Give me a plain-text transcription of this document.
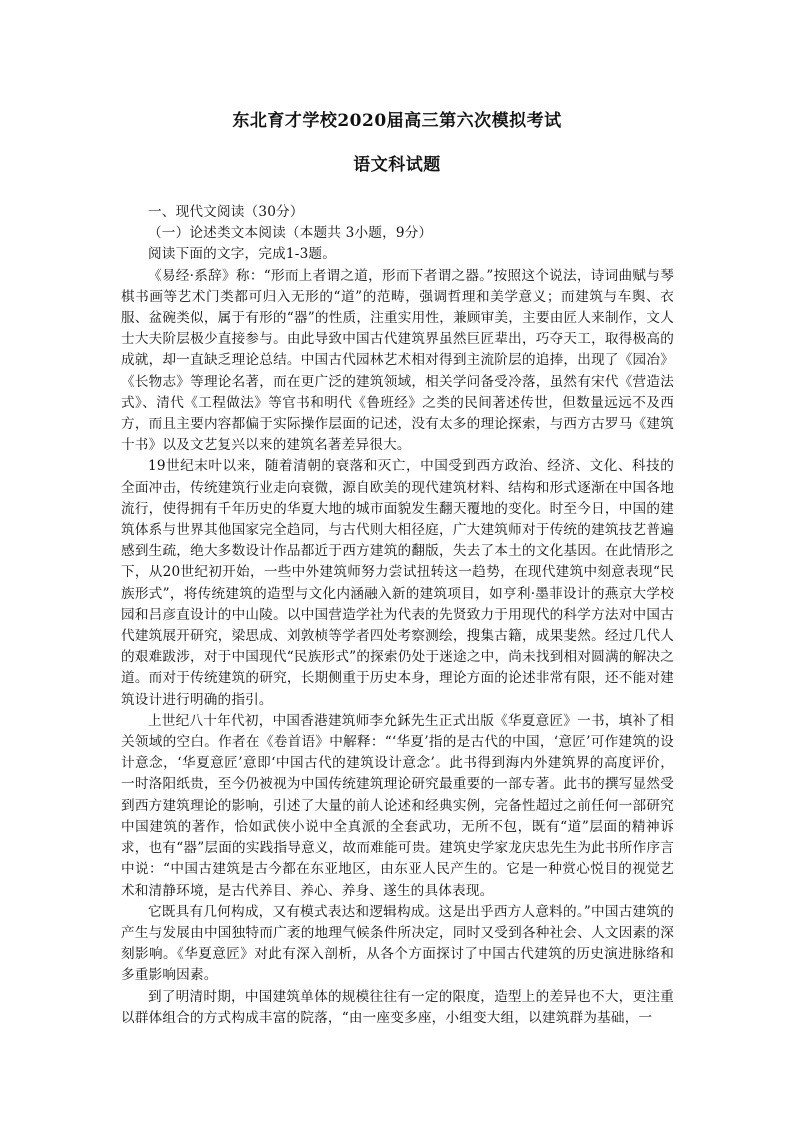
东北育才学校2020届高三第六次模拟考试
语文科试题

一、现代文阅读（30分）

（一）论述类文本阅读（本题共 3小题，9分）

阅读下面的文字，完成1-3题。

《易经·系辞》称：“形而上者谓之道，形而下者谓之器。”按照这个说法，诗词曲赋与琴棋书画等艺术门类都可归入无形的“道”的范畴，强调哲理和美学意义；而建筑与车舆、衣服、盆碗类似，属于有形的“器”的性质，注重实用性，兼顾审美，主要由匠人来制作，文人士大夫阶层极少直接参与。由此导致中国古代建筑界虽然巨匠辈出，巧夺天工，取得极高的成就，却一直缺乏理论总结。中国古代园林艺术相对得到主流阶层的追捧，出现了《园冶》《长物志》等理论名著，而在更广泛的建筑领域，相关学问备受冷落，虽然有宋代《营造法式》、清代《工程做法》等官书和明代《鲁班经》之类的民间著述传世，但数量远远不及西方，而且主要内容都偏于实际操作层面的记述，没有太多的理论探索，与西方古罗马《建筑十书》以及文艺复兴以来的建筑名著差异很大。

19世纪末叶以来，随着清朝的衰落和灭亡，中国受到西方政治、经济、文化、科技的全面冲击，传统建筑行业走向衰微，源自欧美的现代建筑材料、结构和形式逐渐在中国各地流行，使得拥有千年历史的华夏大地的城市面貌发生翻天覆地的变化。时至今日，中国的建筑体系与世界其他国家完全趋同，与古代则大相径庭，广大建筑师对于传统的建筑技艺普遍感到生疏，绝大多数设计作品都近于西方建筑的翻版，失去了本土的文化基因。在此情形之下，从20世纪初开始，一些中外建筑师努力尝试扭转这一趋势，在现代建筑中刻意表现“民族形式”，将传统建筑的造型与文化内涵融入新的建筑项目，如亨利·墨菲设计的燕京大学校园和吕彦直设计的中山陵。以中国营造学社为代表的先贤致力于用现代的科学方法对中国古代建筑展开研究，梁思成、刘敦桢等学者四处考察测绘，搜集古籍，成果斐然。经过几代人的艰难跋涉，对于中国现代“民族形式”的探索仍处于迷途之中，尚未找到相对圆满的解决之道。而对于传统建筑的研究，长期侧重于历史本身，理论方面的论述非常有限，还不能对建筑设计进行明确的指引。

上世纪八十年代初，中国香港建筑师李允鉌先生正式出版《华夏意匠》一书，填补了相关领域的空白。作者在《卷首语》中解释：“‘华夏’指的是古代的中国，‘意匠’可作建筑的设计意念，‘华夏意匠’意即‘中国古代的建筑设计意念’。此书得到海内外建筑界的高度评价，一时洛阳纸贵，至今仍被视为中国传统建筑理论研究最重要的一部专著。此书的撰写显然受到西方建筑理论的影响，引述了大量的前人论述和经典实例，完备性超过之前任何一部研究中国建筑的著作，恰如武侠小说中全真派的全套武功，无所不包，既有“道”层面的精神诉求，也有“器”层面的实践指导意义，故而难能可贵。建筑史学家龙庆忠先生为此书所作序言中说：“中国古建筑是古今都在东亚地区，由东亚人民产生的。它是一种赏心悦目的视觉艺术和清静环境，是古代养目、养心、养身、遂生的具体表现。

它既具有几何构成，又有模式表达和逻辑构成。这是出乎西方人意料的。”中国古建筑的产生与发展由中国独特而广袤的地理气候条件所决定，同时又受到各种社会、人文因素的深刻影响。《华夏意匠》对此有深入剖析，从各个方面探讨了中国古代建筑的历史演进脉络和多重影响因素。

到了明清时期，中国建筑单体的规模往往有一定的限度，造型上的差异也不大，更注重以群体组合的方式构成丰富的院落，“由一座变多座，小组变大组，以建筑群为基础，一
